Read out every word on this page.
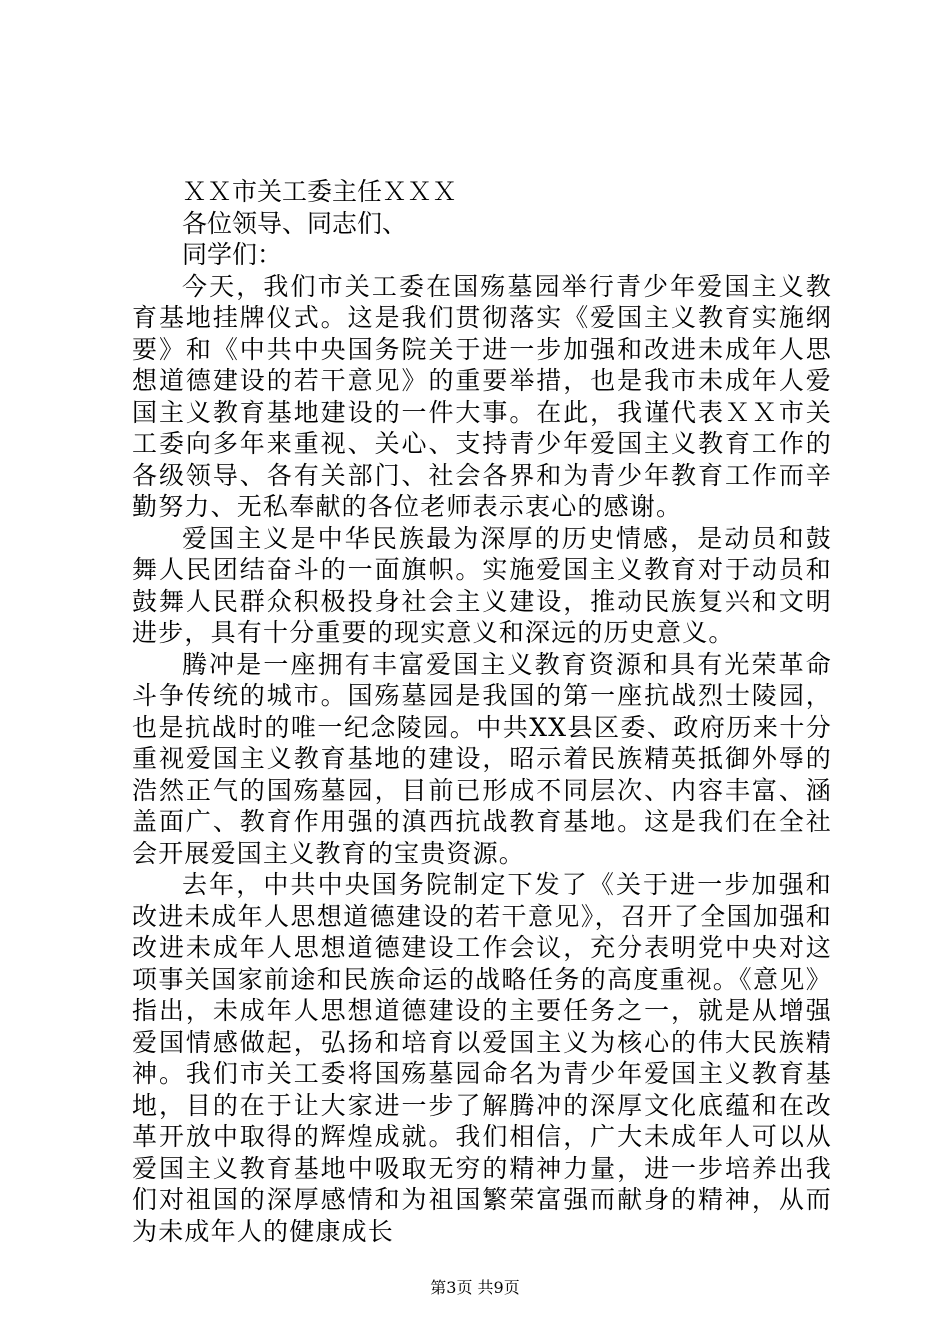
ＸＸ市关工委主任ＸＸＸ

各位领导、同志们、

同学们：

今天，我们市关工委在国殇墓园举行青少年爱国主义教育基地挂牌仪式。这是我们贯彻落实《爱国主义教育实施纲要》和《中共中央国务院关于进一步加强和改进未成年人思想道德建设的若干意见》的重要举措，也是我市未成年人爱国主义教育基地建设的一件大事。在此，我谨代表ＸＸ市关工委向多年来重视、关心、支持青少年爱国主义教育工作的各级领导、各有关部门、社会各界和为青少年教育工作而辛勤努力、无私奉献的各位老师表示衷心的感谢。

爱国主义是中华民族最为深厚的历史情感，是动员和鼓舞人民团结奋斗的一面旗帜。实施爱国主义教育对于动员和鼓舞人民群众积极投身社会主义建设，推动民族复兴和文明进步，具有十分重要的现实意义和深远的历史意义。

腾冲是一座拥有丰富爱国主义教育资源和具有光荣革命斗争传统的城市。国殇墓园是我国的第一座抗战烈士陵园，也是抗战时的唯一纪念陵园。中共XX县区委、政府历来十分重视爱国主义教育基地的建设，昭示着民族精英抵御外辱的浩然正气的国殇墓园，目前已形成不同层次、内容丰富、涵盖面广、教育作用强的滇西抗战教育基地。这是我们在全社会开展爱国主义教育的宝贵资源。

去年，中共中央国务院制定下发了《关于进一步加强和改进未成年人思想道德建设的若干意见》，召开了全国加强和改进未成年人思想道德建设工作会议，充分表明党中央对这项事关国家前途和民族命运的战略任务的高度重视。《意见》指出，未成年人思想道德建设的主要任务之一，就是从增强爱国情感做起，弘扬和培育以爱国主义为核心的伟大民族精神。我们市关工委将国殇墓园命名为青少年爱国主义教育基地，目的在于让大家进一步了解腾冲的深厚文化底蕴和在改革开放中取得的辉煌成就。我们相信，广大未成年人可以从爱国主义教育基地中吸取无穷的精神力量，进一步培养出我们对祖国的深厚感情和为祖国繁荣富强而献身的精神，从而为未成年人的健康成长

第3页 共9页
